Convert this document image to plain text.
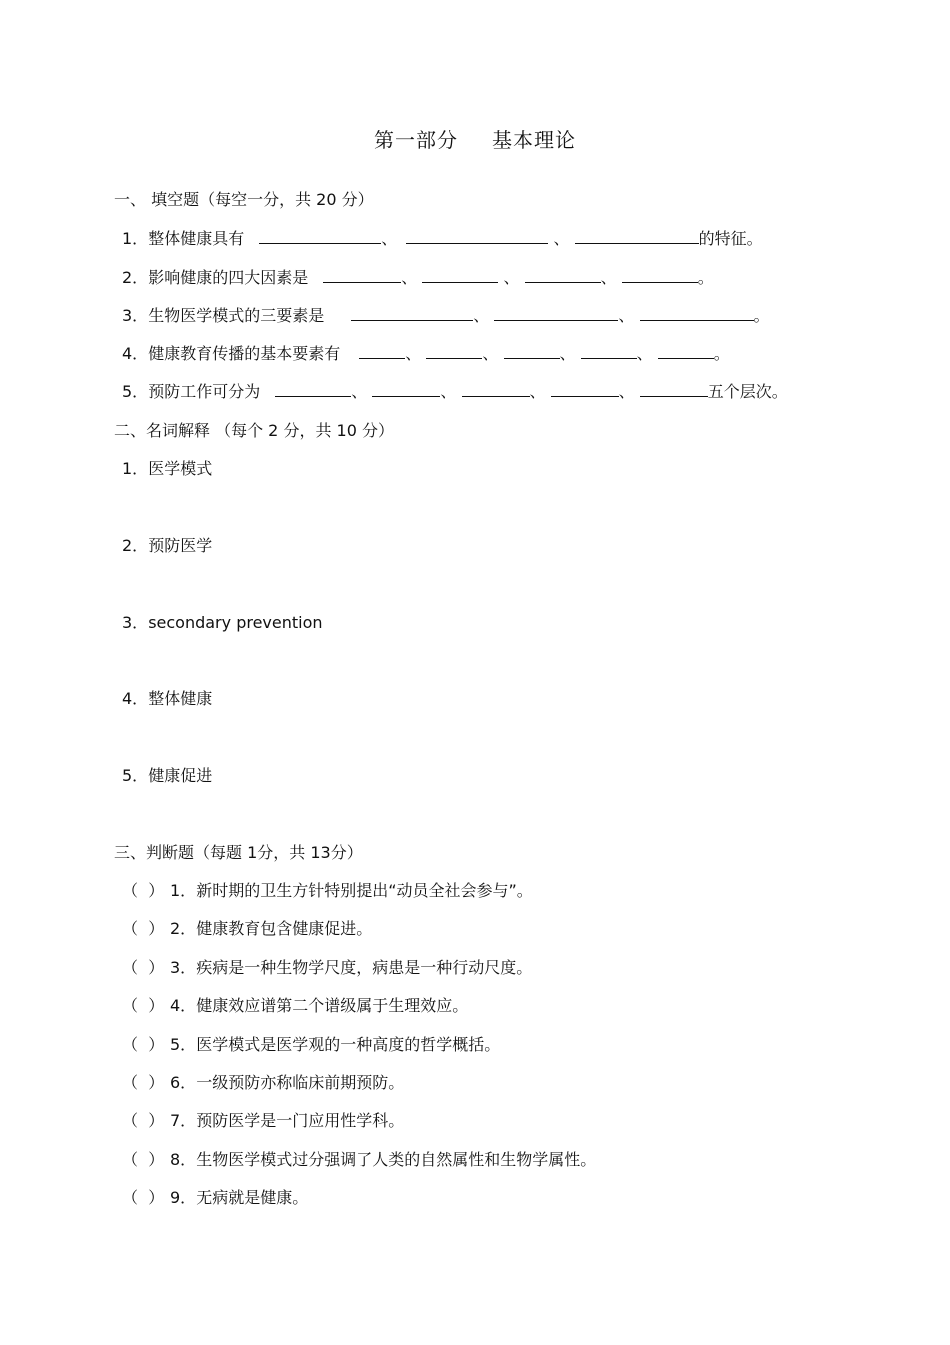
第一部分 基本理论
一、 填空题（每空一分，共 20 分）
1．整体健康具有	、	、	的特征。
2．影响健康的四大因素是	、	、	、	。
3．生物医学模式的三要素是	、	、	。
4．健康教育传播的基本要素有	、	、	、	、	。
5．预防工作可分为	、	、	、	、	五个层次。
二、名词解释 （每个 2 分，共 10 分）
1．医学模式
2．预防医学
3．secondary prevention
4．整体健康
5．健康促进
三、判断题（每题 1分，共 13分）
（ ） 1．新时期的卫生方针特别提出“动员全社会参与”。
（ ） 2．健康教育包含健康促进。
（ ） 3．疾病是一种生物学尺度，病患是一种行动尺度。
（ ） 4．健康效应谱第二个谱级属于生理效应。
（ ） 5．医学模式是医学观的一种高度的哲学概括。
（ ） 6．一级预防亦称临床前期预防。
（ ） 7．预防医学是一门应用性学科。
（ ） 8．生物医学模式过分强调了人类的自然属性和生物学属性。
（ ） 9．无病就是健康。
